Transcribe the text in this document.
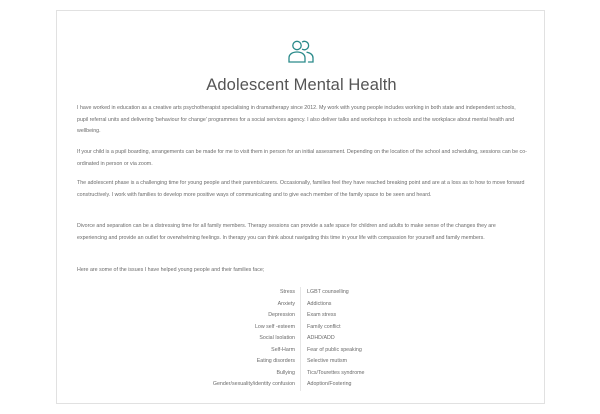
Adolescent Mental Health

I have worked in education as a creative arts psychotherapist specialising in dramatherapy since 2012. My work with young people includes working in both state and independent schools, pupil referral units and delivering 'behaviour for change' programmes for a social services agency. I also deliver talks and workshops in schools and the workplace about mental health and wellbeing.

If your child is a pupil boarding, arrangements can be made for me to visit them in person for an initial assessment. Depending on the location of the school and scheduling, sessions can be co-ordinated in person or via zoom.

The adolescent phase is a challenging time for young people and their parents/carers. Occasionally, families feel they have reached breaking point and are at a loss as to how to move forward constructively. I work with families to develop more positive ways of communicating and to give each member of the family space to be seen and heard.

Divorce and separation can be a distressing time for all family members. Therapy sessions can provide a safe space for children and adults to make sense of the changes they are experiencing and provide an outlet for overwhelming feelings. In therapy you can think about navigating this time in your life with compassion for yourself and family members.

Here are some of the issues I have helped young people and their families face;

Stress	LGBT counselling
Anxiety	Addictions
Depression	Exam stress
Low self -esteem	Family conflict
Social Isolation	ADHD/ADD
Self-Harm	Fear of public speaking
Eating disorders	Selective mutism
Bullying	Tics/Tourettes syndrome
Gender/sexuality/identity confusion	Adoption/Fostering
